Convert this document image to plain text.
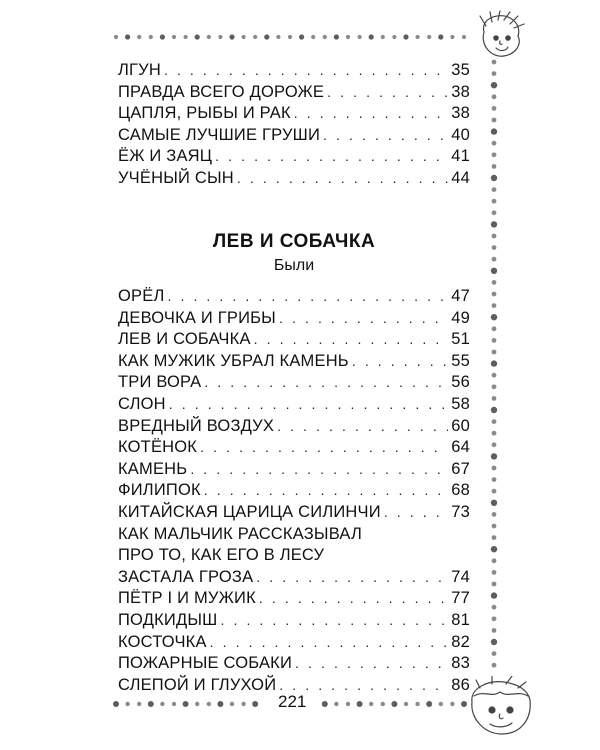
ЛГУН . . .	35
ПРАВДА ВСЕГО ДОРОЖЕ . . .	38
ЦАПЛЯ, РЫБЫ И РАК . . .	38
САМЫЕ ЛУЧШИЕ ГРУШИ . . .	40
ЁЖ И ЗАЯЦ . . .	41
УЧЁНЫЙ СЫН . . .	44
ЛЕВ И СОБАЧКА
Были
ОРЁЛ . . .	47
ДЕВОЧКА И ГРИБЫ . . .	49
ЛЕВ И СОБАЧКА . . .	51
КАК МУЖИК УБРАЛ КАМЕНЬ . . .	55
ТРИ ВОРА . . .	56
СЛОН . . .	58
ВРЕДНЫЙ ВОЗДУХ . . .	60
КОТЁНОК . . .	64
КАМЕНЬ . . .	67
ФИЛИПОК . . .	68
КИТАЙСКАЯ ЦАРИЦА СИЛИНЧИ . . .	73
КАК МАЛЬЧИК РАССКАЗЫВАЛ
ПРО ТО, КАК ЕГО В ЛЕСУ
ЗАСТАЛА ГРОЗА . . .	74
ПЁТР I И МУЖИК . . .	77
ПОДКИДЫШ . . .	81
КОСТОЧКА . . .	82
ПОЖАРНЫЕ СОБАКИ . . .	83
СЛЕПОЙ И ГЛУХОЙ . . .	86
221
